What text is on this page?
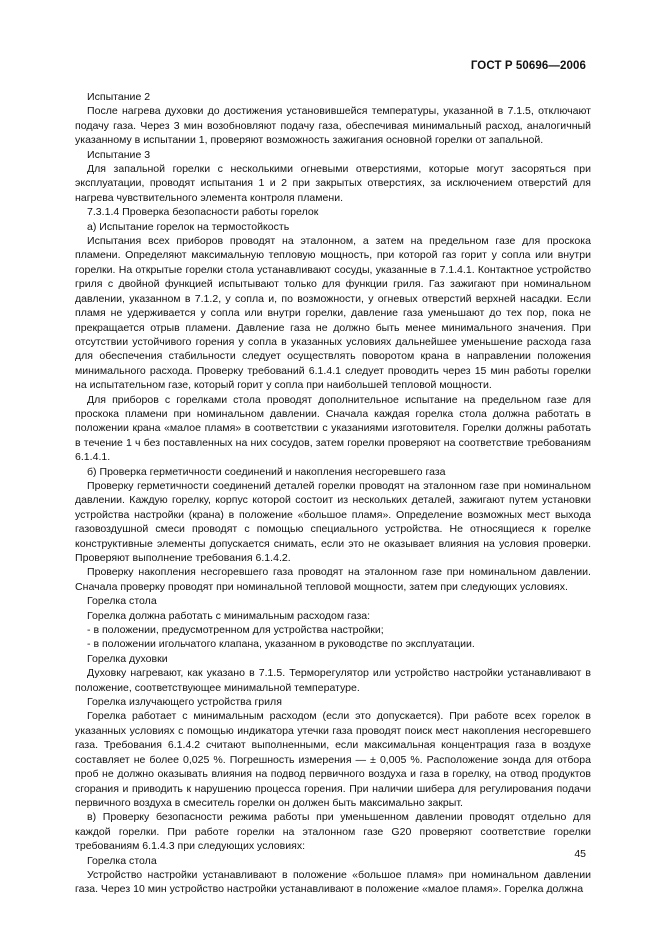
ГОСТ Р 50696—2006

Испытание 2

После нагрева духовки до достижения установившейся температуры, указанной в 7.1.5, отключают подачу газа. Через 3 мин возобновляют подачу газа, обеспечивая минимальный расход, аналогичный указанному в испытании 1, проверяют возможность зажигания основной горелки от запальной.

Испытание 3

Для запальной горелки с несколькими огневыми отверстиями, которые могут засоряться при эксплуатации, проводят испытания 1 и 2 при закрытых отверстиях, за исключением отверстий для нагрева чувствительного элемента контроля пламени.

7.3.1.4 Проверка безопасности работы горелок

а) Испытание горелок на термостойкость

Испытания всех приборов проводят на эталонном, а затем на предельном газе для проскока пламени. Определяют максимальную тепловую мощность, при которой газ горит у сопла или внутри горелки. На открытые горелки стола устанавливают сосуды, указанные в 7.1.4.1. Контактное устройство гриля с двойной функцией испытывают только для функции гриля. Газ зажигают при номинальном давлении, указанном в 7.1.2, у сопла и, по возможности, у огневых отверстий верхней насадки. Если пламя не удерживается у сопла или внутри горелки, давление газа уменьшают до тех пор, пока не прекращается отрыв пламени. Давление газа не должно быть менее минимального значения. При отсутствии устойчивого горения у сопла в указанных условиях дальнейшее уменьшение расхода газа для обеспечения стабильности следует осуществлять поворотом крана в направлении положения минимального расхода. Проверку требований 6.1.4.1 следует проводить через 15 мин работы горелки на испытательном газе, который горит у сопла при наибольшей тепловой мощности.

Для приборов с горелками стола проводят дополнительное испытание на предельном газе для проскока пламени при номинальном давлении. Сначала каждая горелка стола должна работать в положении крана «малое пламя» в соответствии с указаниями изготовителя. Горелки должны работать в течение 1 ч без поставленных на них сосудов, затем горелки проверяют на соответствие требованиям 6.1.4.1.

б) Проверка герметичности соединений и накопления несгоревшего газа

Проверку герметичности соединений деталей горелки проводят на эталонном газе при номинальном давлении. Каждую горелку, корпус которой состоит из нескольких деталей, зажигают путем установки устройства настройки (крана) в положение «большое пламя». Определение возможных мест выхода газовоздушной смеси проводят с помощью специального устройства. Не относящиеся к горелке конструктивные элементы допускается снимать, если это не оказывает влияния на условия проверки. Проверяют выполнение требования 6.1.4.2.

Проверку накопления несгоревшего газа проводят на эталонном газе при номинальном давлении. Сначала проверку проводят при номинальной тепловой мощности, затем при следующих условиях.

Горелка стола

Горелка должна работать с минимальным расходом газа:

- в положении, предусмотренном для устройства настройки;

- в положении игольчатого клапана, указанном в руководстве по эксплуатации.

Горелка духовки

Духовку нагревают, как указано в 7.1.5. Терморегулятор или устройство настройки устанавливают в положение, соответствующее минимальной температуре.

Горелка излучающего устройства гриля

Горелка работает с минимальным расходом (если это допускается). При работе всех горелок в указанных условиях с помощью индикатора утечки газа проводят поиск мест накопления несгоревшего газа. Требования 6.1.4.2 считают выполненными, если максимальная концентрация газа в воздухе составляет не более 0,025 %. Погрешность измерения — ± 0,005 %. Расположение зонда для отбора проб не должно оказывать влияния на подвод первичного воздуха и газа в горелку, на отвод продуктов сгорания и приводить к нарушению процесса горения. При наличии шибера для регулирования подачи первичного воздуха в смеситель горелки он должен быть максимально закрыт.

в) Проверку безопасности режима работы при уменьшенном давлении проводят отдельно для каждой горелки. При работе горелки на эталонном газе G20 проверяют соответствие горелки требованиям 6.1.4.3 при следующих условиях:

Горелка стола

Устройство настройки устанавливают в положение «большое пламя» при номинальном давлении газа. Через 10 мин устройство настройки устанавливают в положение «малое пламя». Горелка должна

45
